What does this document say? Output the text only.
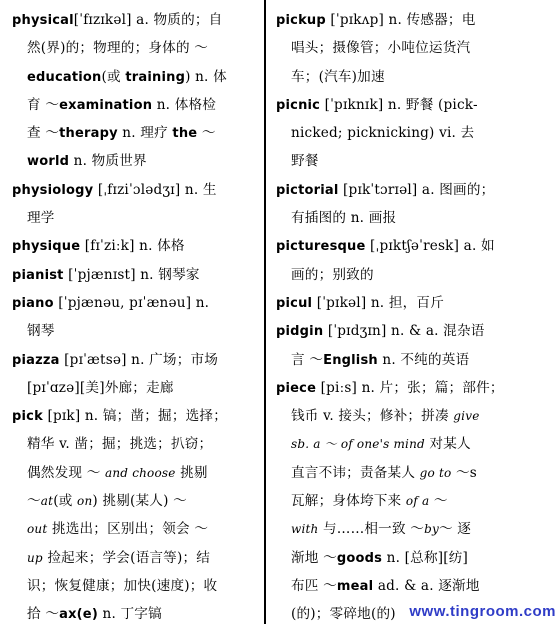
physical[ˈfɪzɪkəl] a. 物质的；自
然(界)的；物理的；身体的 ～
education(或 training) n. 体
育 ～examination n. 体格检
查 ～therapy n. 理疗 the ～
world n. 物质世界
physiology [ˌfɪziˈɔlədʒɪ] n. 生
理学
physique [fɪˈziːk] n. 体格
pianist [ˈpjænɪst] n. 钢琴家
piano [ˈpjænəu, pɪˈænəu] n.
钢琴
piazza [pɪˈætsə] n. 广场；市场
[pɪˈɑzə][美]外廊；走廊
pick [pɪk] n. 镐；凿；掘；选择；
精华 v. 凿；掘；挑选；扒窃；
偶然发现 ～ and choose 挑剔
～at(或 on) 挑剔(某人) ～
out 挑选出；区别出；领会 ～
up 捡起来；学会(语言等)；结
识；恢复健康；加快(速度)；收
拾 ～ax(e) n. 丁字镐
pickup [ˈpɪkʌp] n. 传感器；电
唱头；摄像管；小吨位运货汽
车；(汽车)加速
picnic [ˈpɪknɪk] n. 野餐 (pick-
nicked; picknicking) vi. 去
野餐
pictorial [pɪkˈtɔrɪəl] a. 图画的；
有插图的 n. 画报
picturesque [ˌpɪktʃəˈresk] a. 如
画的；别致的
picul [ˈpɪkəl] n. 担，百斤
pidgin [ˈpɪdʒɪn] n. & a. 混杂语
言 ～English n. 不纯的英语
piece [piːs] n. 片；张；篇；部件；
钱币 v. 接头；修补；拼凑 give
sb. a ～ of one's mind 对某人
直言不讳；责备某人 go to ～s
瓦解；身体垮下来 of a ～
with 与……相一致 ～by～ 逐
渐地 ～goods n. [总称][纺]
布匹 ～meal ad. & a. 逐渐地
(的)；零碎地(的) www.tingroom.com
